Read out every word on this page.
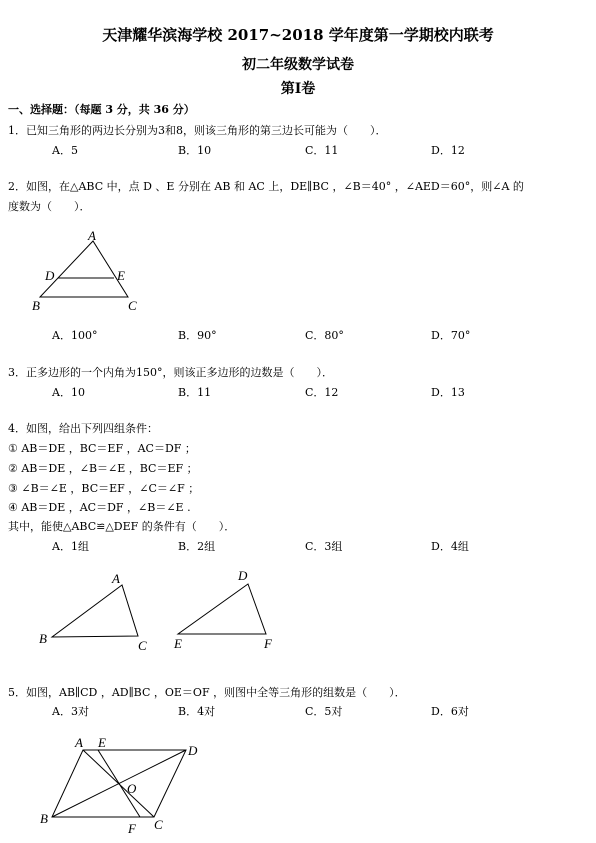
天津耀华滨海学校 2017~2018 学年度第一学期校内联考
初二年级数学试卷
第Ⅰ卷
一、选择题：（每题 3 分，共 36 分）
1．已知三角形的两边长分别为3和8，则该三角形的第三边长可能为（　　）．
A．5	B．10	C．11	D．12
2．如图，在△ABC 中，点 D 、E 分别在 AB 和 AC 上，DE∥BC ，∠B＝40° ，∠AED＝60°，则∠A 的
度数为（　　）．
A
D	E
B	C
A．100°	B．90°	C．80°	D．70°
3．正多边形的一个内角为150°，则该正多边形的边数是（　　）．
A．10	B．11	C．12	D．13
4．如图，给出下列四组条件：
① AB＝DE ，BC＝EF ，AC＝DF ；
② AB＝DE ，∠B＝∠E ，BC＝EF ；
③ ∠B＝∠E ，BC＝EF ，∠C＝∠F ；
④ AB＝DE ，AC＝DF ，∠B＝∠E .
其中，能使△ABC≌△DEF 的条件有（　　）．
A．1组	B．2组	C．3组	D．4组
A
B	C
D
E	F
5．如图，AB∥CD ，AD∥BC ，OE＝OF ，则图中全等三角形的组数是（　　）．
A．3对	B．4对	C．5对	D．6对
A E
D
O
B
F C
